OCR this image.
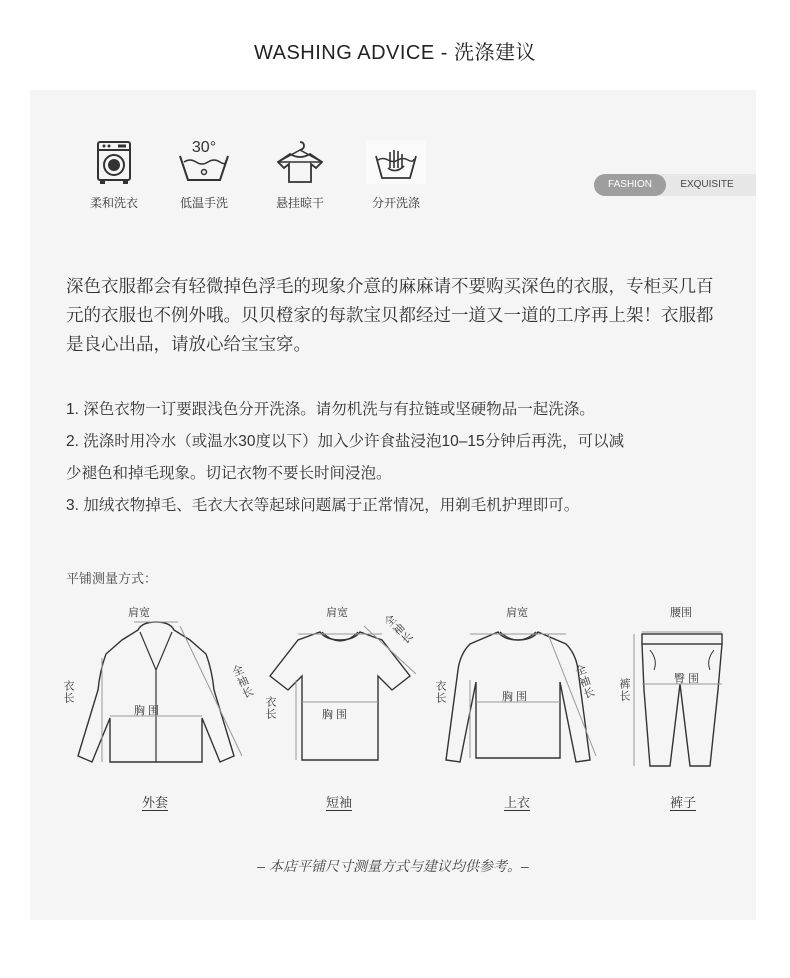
WASHING ADVICE - 洗涤建议
柔和洗衣
30°
低温手洗	悬挂晾干	分开洗涤
EXQUISITE
FASHION

深色衣服都会有轻微掉色浮毛的现象介意的麻麻请不要购买深色的衣服，专柜买几百元的衣服也不例外哦。贝贝橙家的每款宝贝都经过一道又一道的工序再上架！衣服都是良心出品，请放心给宝宝穿。

1. 深色衣物一订要跟浅色分开洗涤。请勿机洗与有拉链或坚硬物品一起洗涤。
2. 洗涤时用冷水（或温水30度以下）加入少许食盐浸泡10–15分钟后再洗，可以减
少褪色和掉毛现象。切记衣物不要长时间浸泡。
3. 加绒衣物掉毛、毛衣大衣等起球问题属于正常情况，用剃毛机护理即可。
平铺测量方式：
肩宽
胸 围
衣长	全袖长
外套
肩宽
胸 围
衣长
全袖长
短袖
肩宽
胸 围
衣长	全袖长
上衣
腰围
臀 围
裤长
裤子
– 本店平铺尺寸测量方式与建议均供参考。–
